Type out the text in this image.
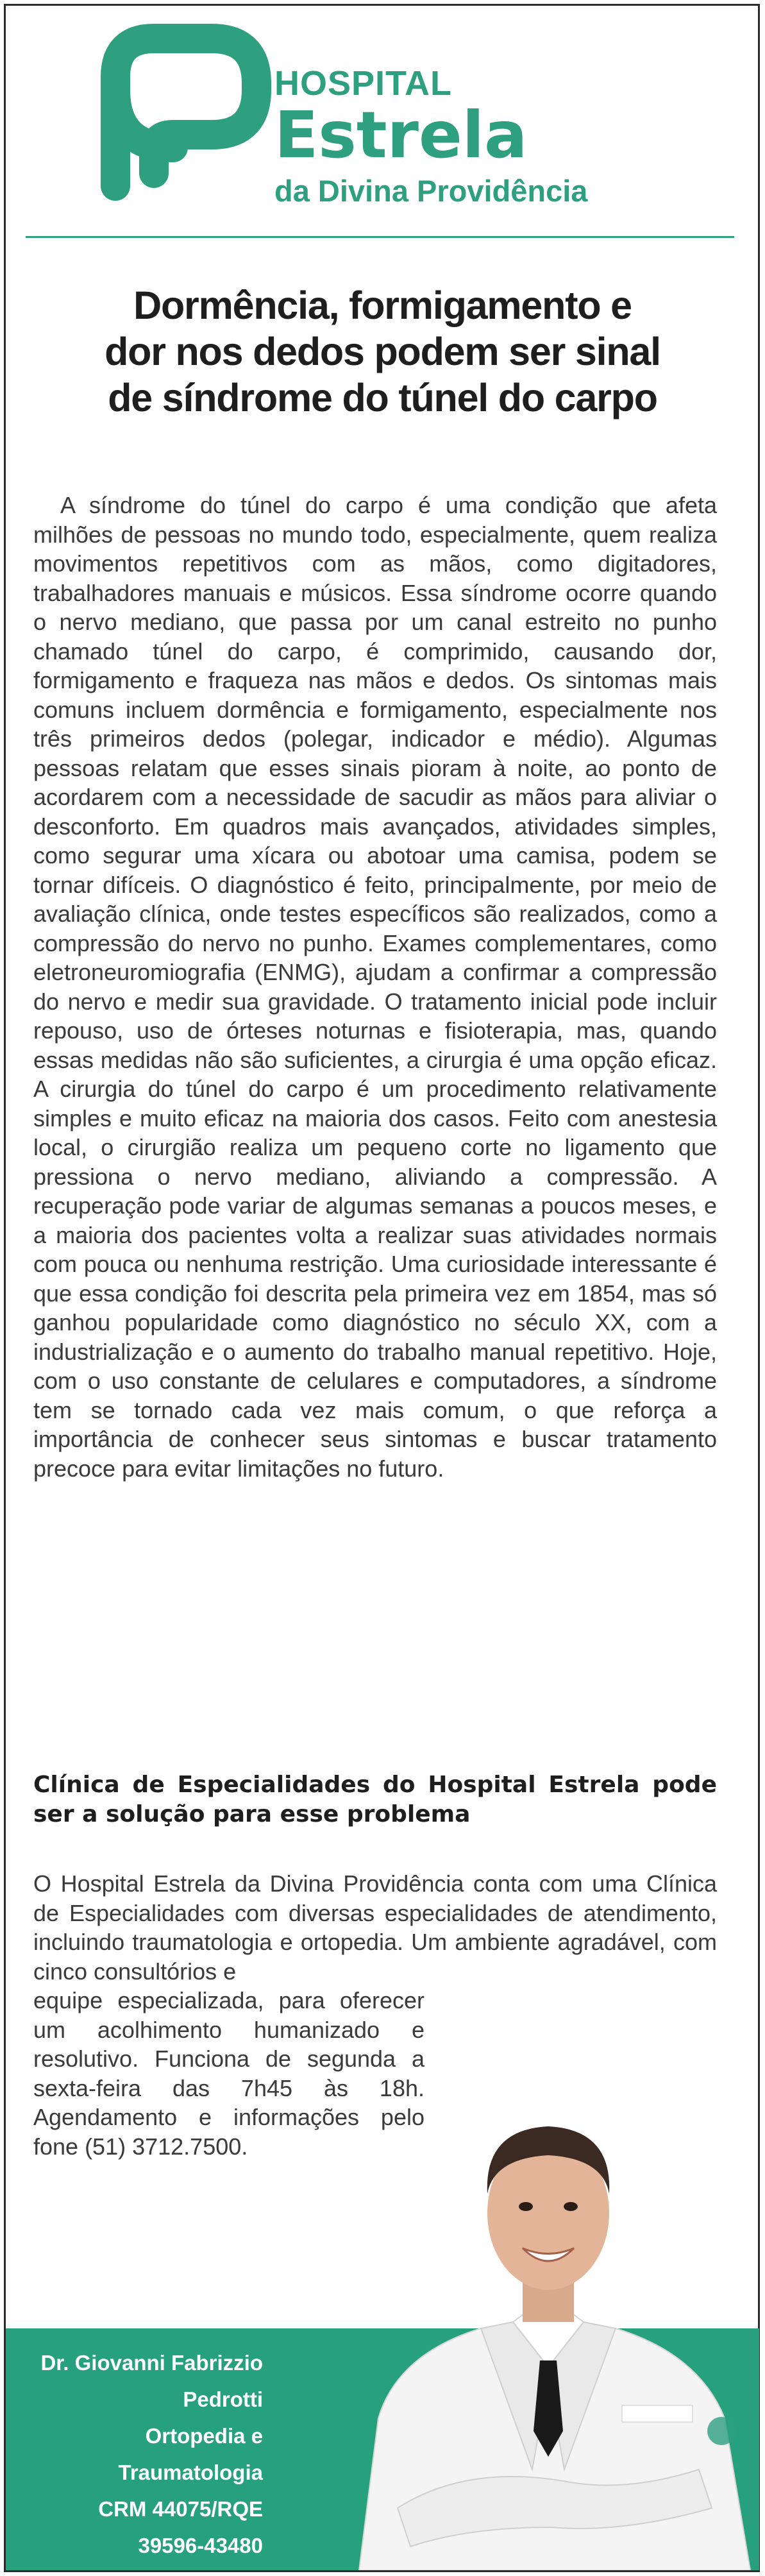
HOSPITAL
Estrela
da Divina Providência
Dormência, formigamento e
dor nos dedos podem ser sinal
de síndrome do túnel do carpo

A síndrome do túnel do carpo é uma condição que afeta milhões de pessoas no mundo todo, especialmente, quem realiza movimentos repetitivos com as mãos, como digitadores, trabalhadores manuais e músicos. Essa síndrome ocorre quando o nervo mediano, que passa por um canal estreito no punho chamado túnel do carpo, é comprimido, causando dor, formigamento e fraqueza nas mãos e dedos. Os sintomas mais comuns incluem dormência e formigamento, especialmente nos três primeiros dedos (polegar, indicador e médio). Algumas pessoas relatam que esses sinais pioram à noite, ao ponto de acordarem com a necessidade de sacudir as mãos para aliviar o desconforto. Em quadros mais avançados, atividades simples, como segurar uma xícara ou abotoar uma camisa, podem se tornar difíceis. O diagnóstico é feito, principalmente, por meio de avaliação clínica, onde testes específicos são realizados, como a compressão do nervo no punho. Exames complementares, como eletroneuromiografia (ENMG), ajudam a confirmar a compressão do nervo e medir sua gravidade. O tratamento inicial pode incluir repouso, uso de órteses noturnas e fisioterapia, mas, quando essas medidas não são suficientes, a cirurgia é uma opção eficaz. A cirurgia do túnel do carpo é um procedimento relativamente simples e muito eficaz na maioria dos casos. Feito com anestesia local, o cirurgião realiza um pequeno corte no ligamento que pressiona o nervo mediano, aliviando a compressão. A recuperação pode variar de algumas semanas a poucos meses, e a maioria dos pacientes volta a realizar suas atividades normais com pouca ou nenhuma restrição. Uma curiosidade interessante é que essa condição foi descrita pela primeira vez em 1854, mas só ganhou popularidade como diagnóstico no século XX, com a industrialização e o aumento do trabalho manual repetitivo. Hoje, com o uso constante de celulares e computadores, a síndrome tem se tornado cada vez mais comum, o que reforça a importância de conhecer seus sintomas e buscar tratamento precoce para evitar limitações no futuro.

Clínica de Especialidades do Hospital Estrela pode ser a solução para esse problema
O Hospital Estrela da Divina Providência conta com uma Clínica de Especialidades com diversas especialidades de atendimento, incluindo traumatologia e ortopedia. Um ambiente agradável, com cinco consultórios e
equipe especializada, para oferecer um acolhimento humanizado e resolutivo. Funciona de segunda a sexta-feira das 7h45 às 18h. Agendamento e informações pelo fone (51) 3712.7500.
Dr. Giovanni Fabrizzio
Pedrotti
Ortopedia e
Traumatologia
CRM 44075/RQE
39596-43480
